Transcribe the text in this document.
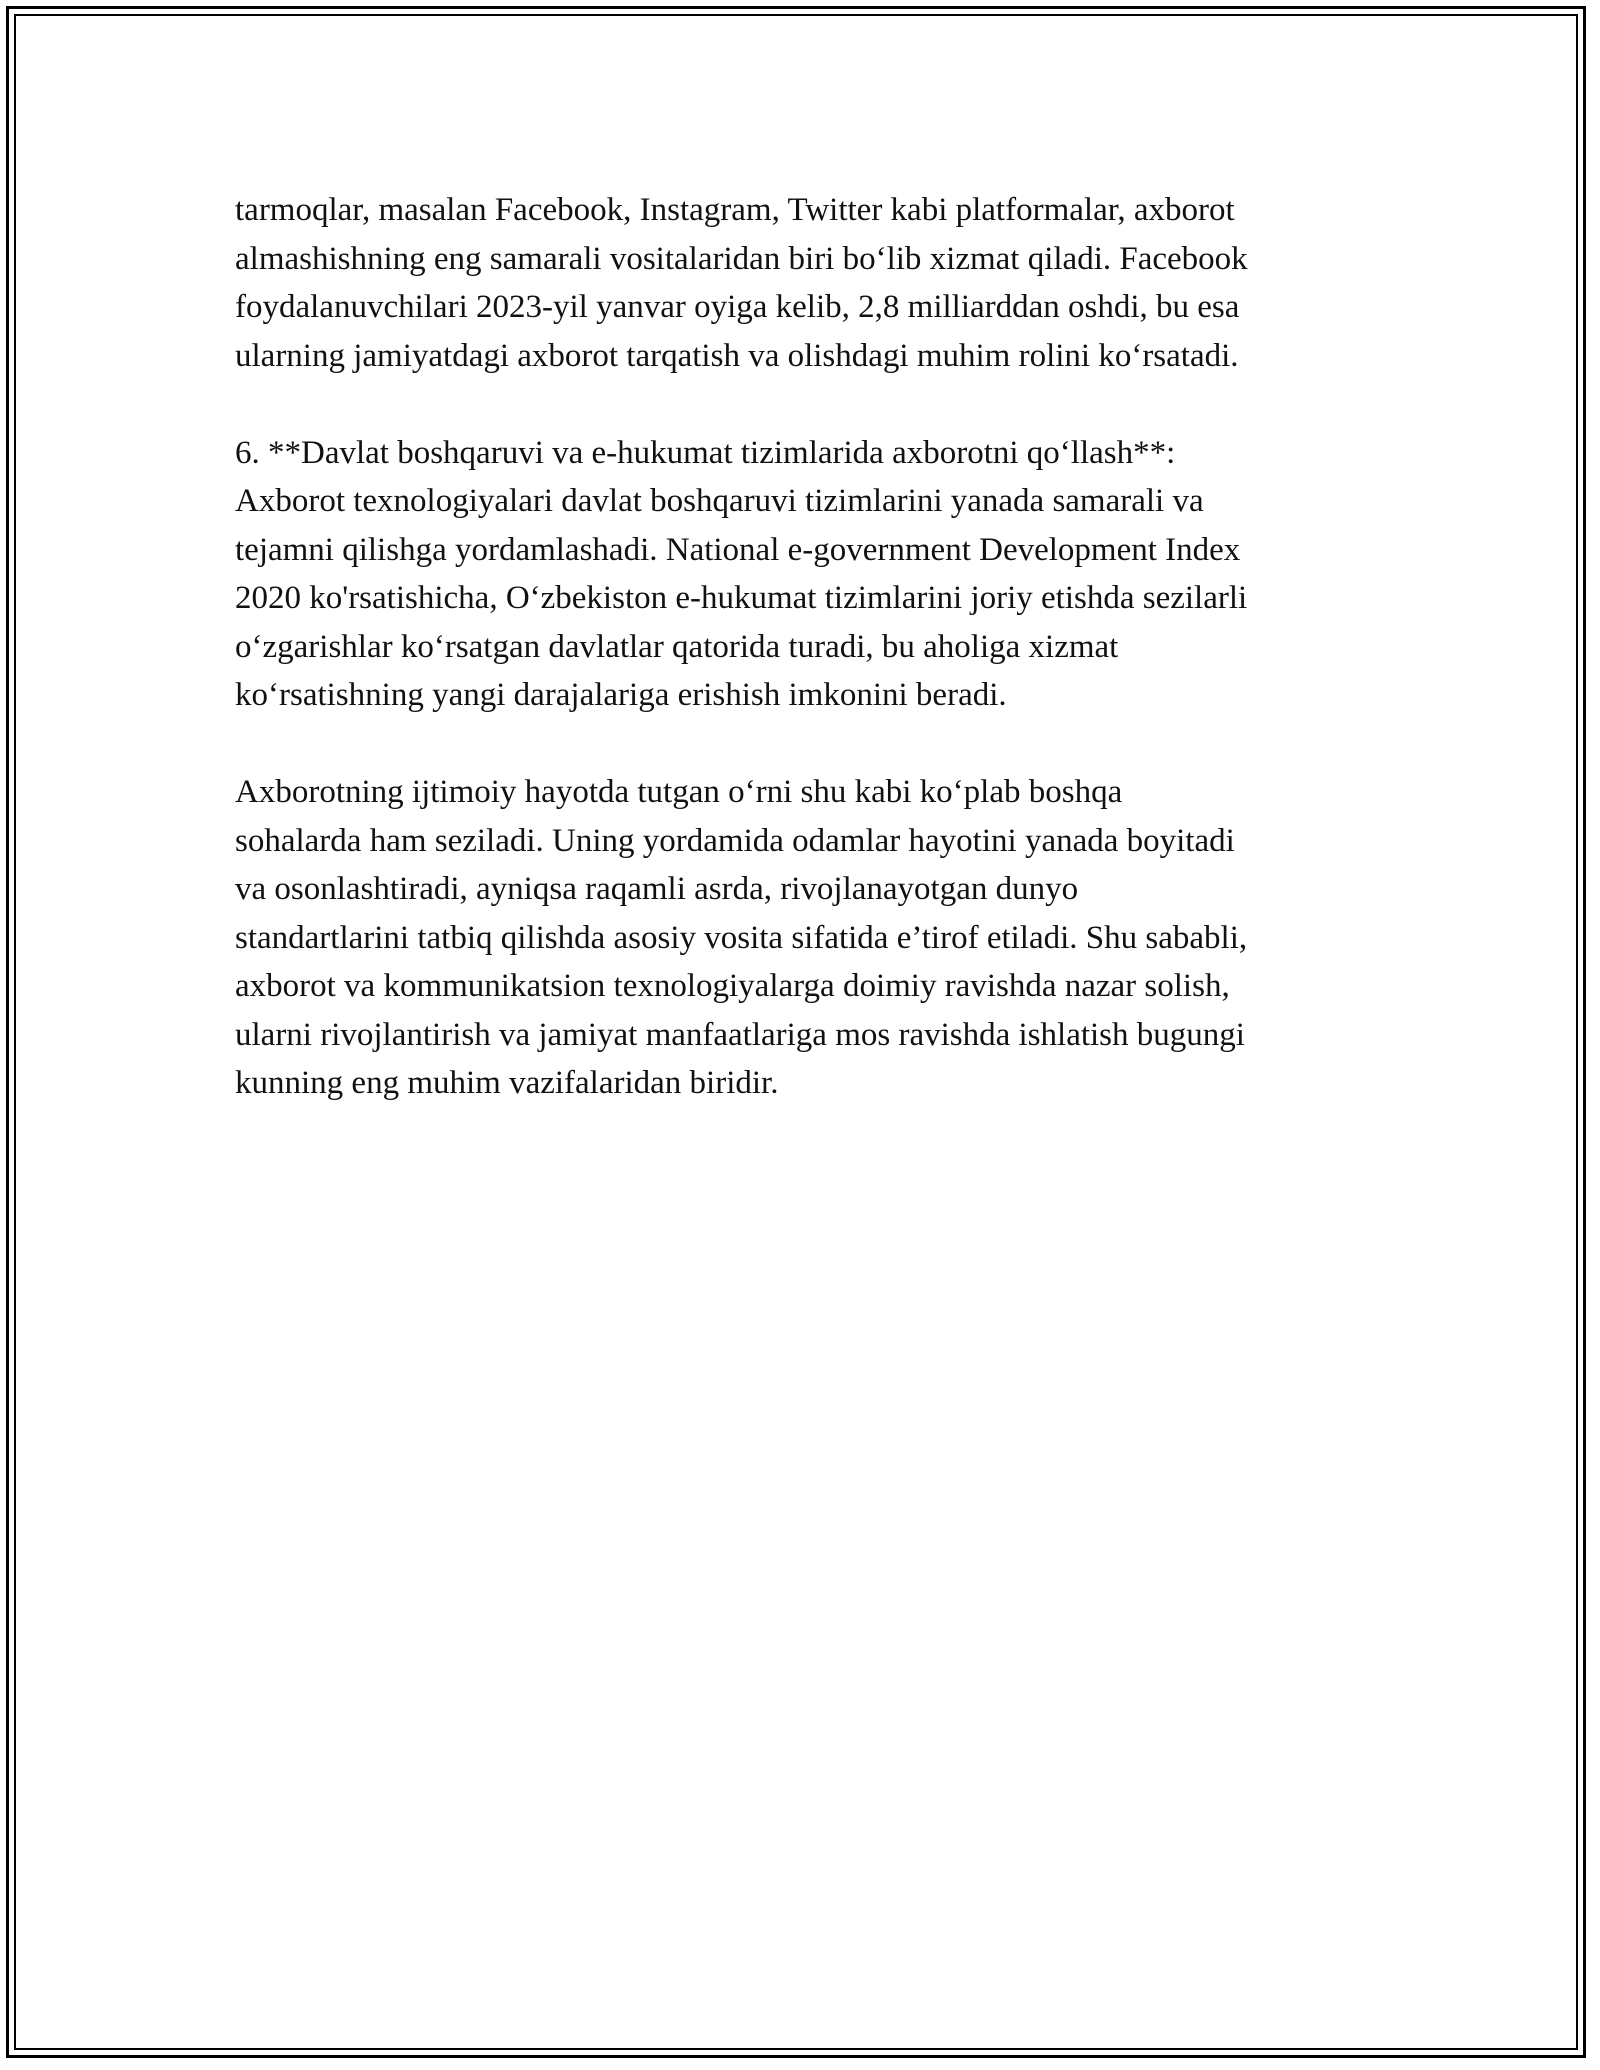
tarmoqlar, masalan Facebook, Instagram, Twitter kabi platformalar, axborot
almashishning eng samarali vositalaridan biri bo‘lib xizmat qiladi. Facebook
foydalanuvchilari 2023-yil yanvar oyiga kelib, 2,8 milliarddan oshdi, bu esa
ularning jamiyatdagi axborot tarqatish va olishdagi muhim rolini ko‘rsatadi.

6. **Davlat boshqaruvi va e-hukumat tizimlarida axborotni qo‘llash**:
Axborot texnologiyalari davlat boshqaruvi tizimlarini yanada samarali va
tejamni qilishga yordamlashadi. National e-government Development Index
2020 ko'rsatishicha, O‘zbekiston e-hukumat tizimlarini joriy etishda sezilarli
o‘zgarishlar ko‘rsatgan davlatlar qatorida turadi, bu aholiga xizmat
ko‘rsatishning yangi darajalariga erishish imkonini beradi.

Axborotning ijtimoiy hayotda tutgan o‘rni shu kabi ko‘plab boshqa
sohalarda ham seziladi. Uning yordamida odamlar hayotini yanada boyitadi
va osonlashtiradi, ayniqsa raqamli asrda, rivojlanayotgan dunyo
standartlarini tatbiq qilishda asosiy vosita sifatida e’tirof etiladi. Shu sababli,
axborot va kommunikatsion texnologiyalarga doimiy ravishda nazar solish,
ularni rivojlantirish va jamiyat manfaatlariga mos ravishda ishlatish bugungi
kunning eng muhim vazifalaridan biridir.
